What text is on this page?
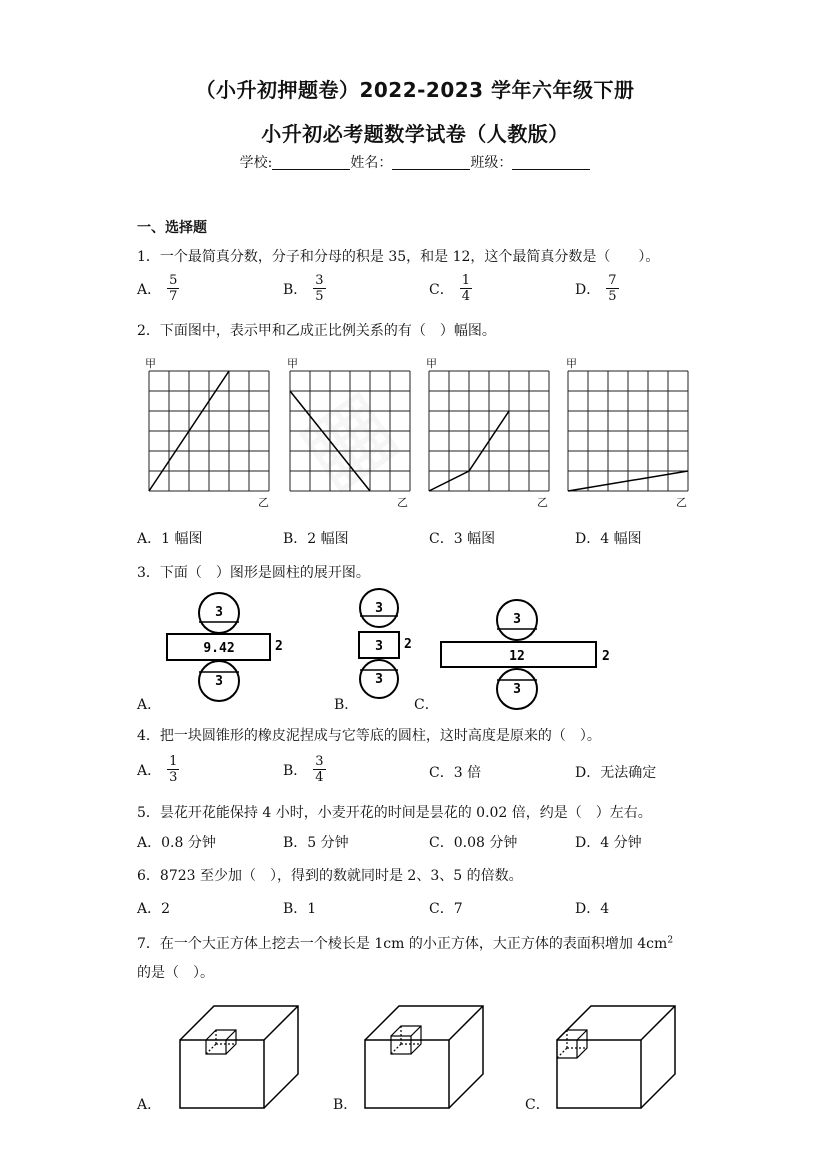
（小升初押题卷）2022-2023 学年六年级下册
小升初必考题数学试卷（人教版）
学校:	姓名：	班级：
一、选择题
1．一个最简真分数，分子和分母的积是 35，和是 12，这个最简真分数是（　　）。
A． $\frac{5}{7}$	B． $\frac{3}{5}$	C． $\frac{1}{4}$	D． $\frac{7}{5}$
2．下面图中，表示甲和乙成正比例关系的有（　）幅图。
甲
乙
甲
乙
甲
乙
甲
乙
A．1 幅图	B．2 幅图	C．3 幅图	D．4 幅图
3．下面（　）图形是圆柱的展开图。
3
9.42	2
3
A．
3
3 2
3
B．
3
12	2
3
C．
4．把一块圆锥形的橡皮泥捏成与它等底的圆柱，这时高度是原来的（　）。
A． $\frac{1}{3}$	B． $\frac{3}{4}$	C．3 倍	D．无法确定
5．昙花开花能保持 4 小时，小麦开花的时间是昙花的 0.02 倍，约是（　）左右。
A．0.8 分钟	B．5 分钟	C．0.08 分钟	D．4 分钟
6．8723 至少加（　），得到的数就同时是 2、3、5 的倍数。
A．2	B．1	C．7	D．4
7．在一个大正方体上挖去一个棱长是 1cm 的小正方体，大正方体的表面积增加 $4cm^2$
的是（　）。
A．	B．	C．
